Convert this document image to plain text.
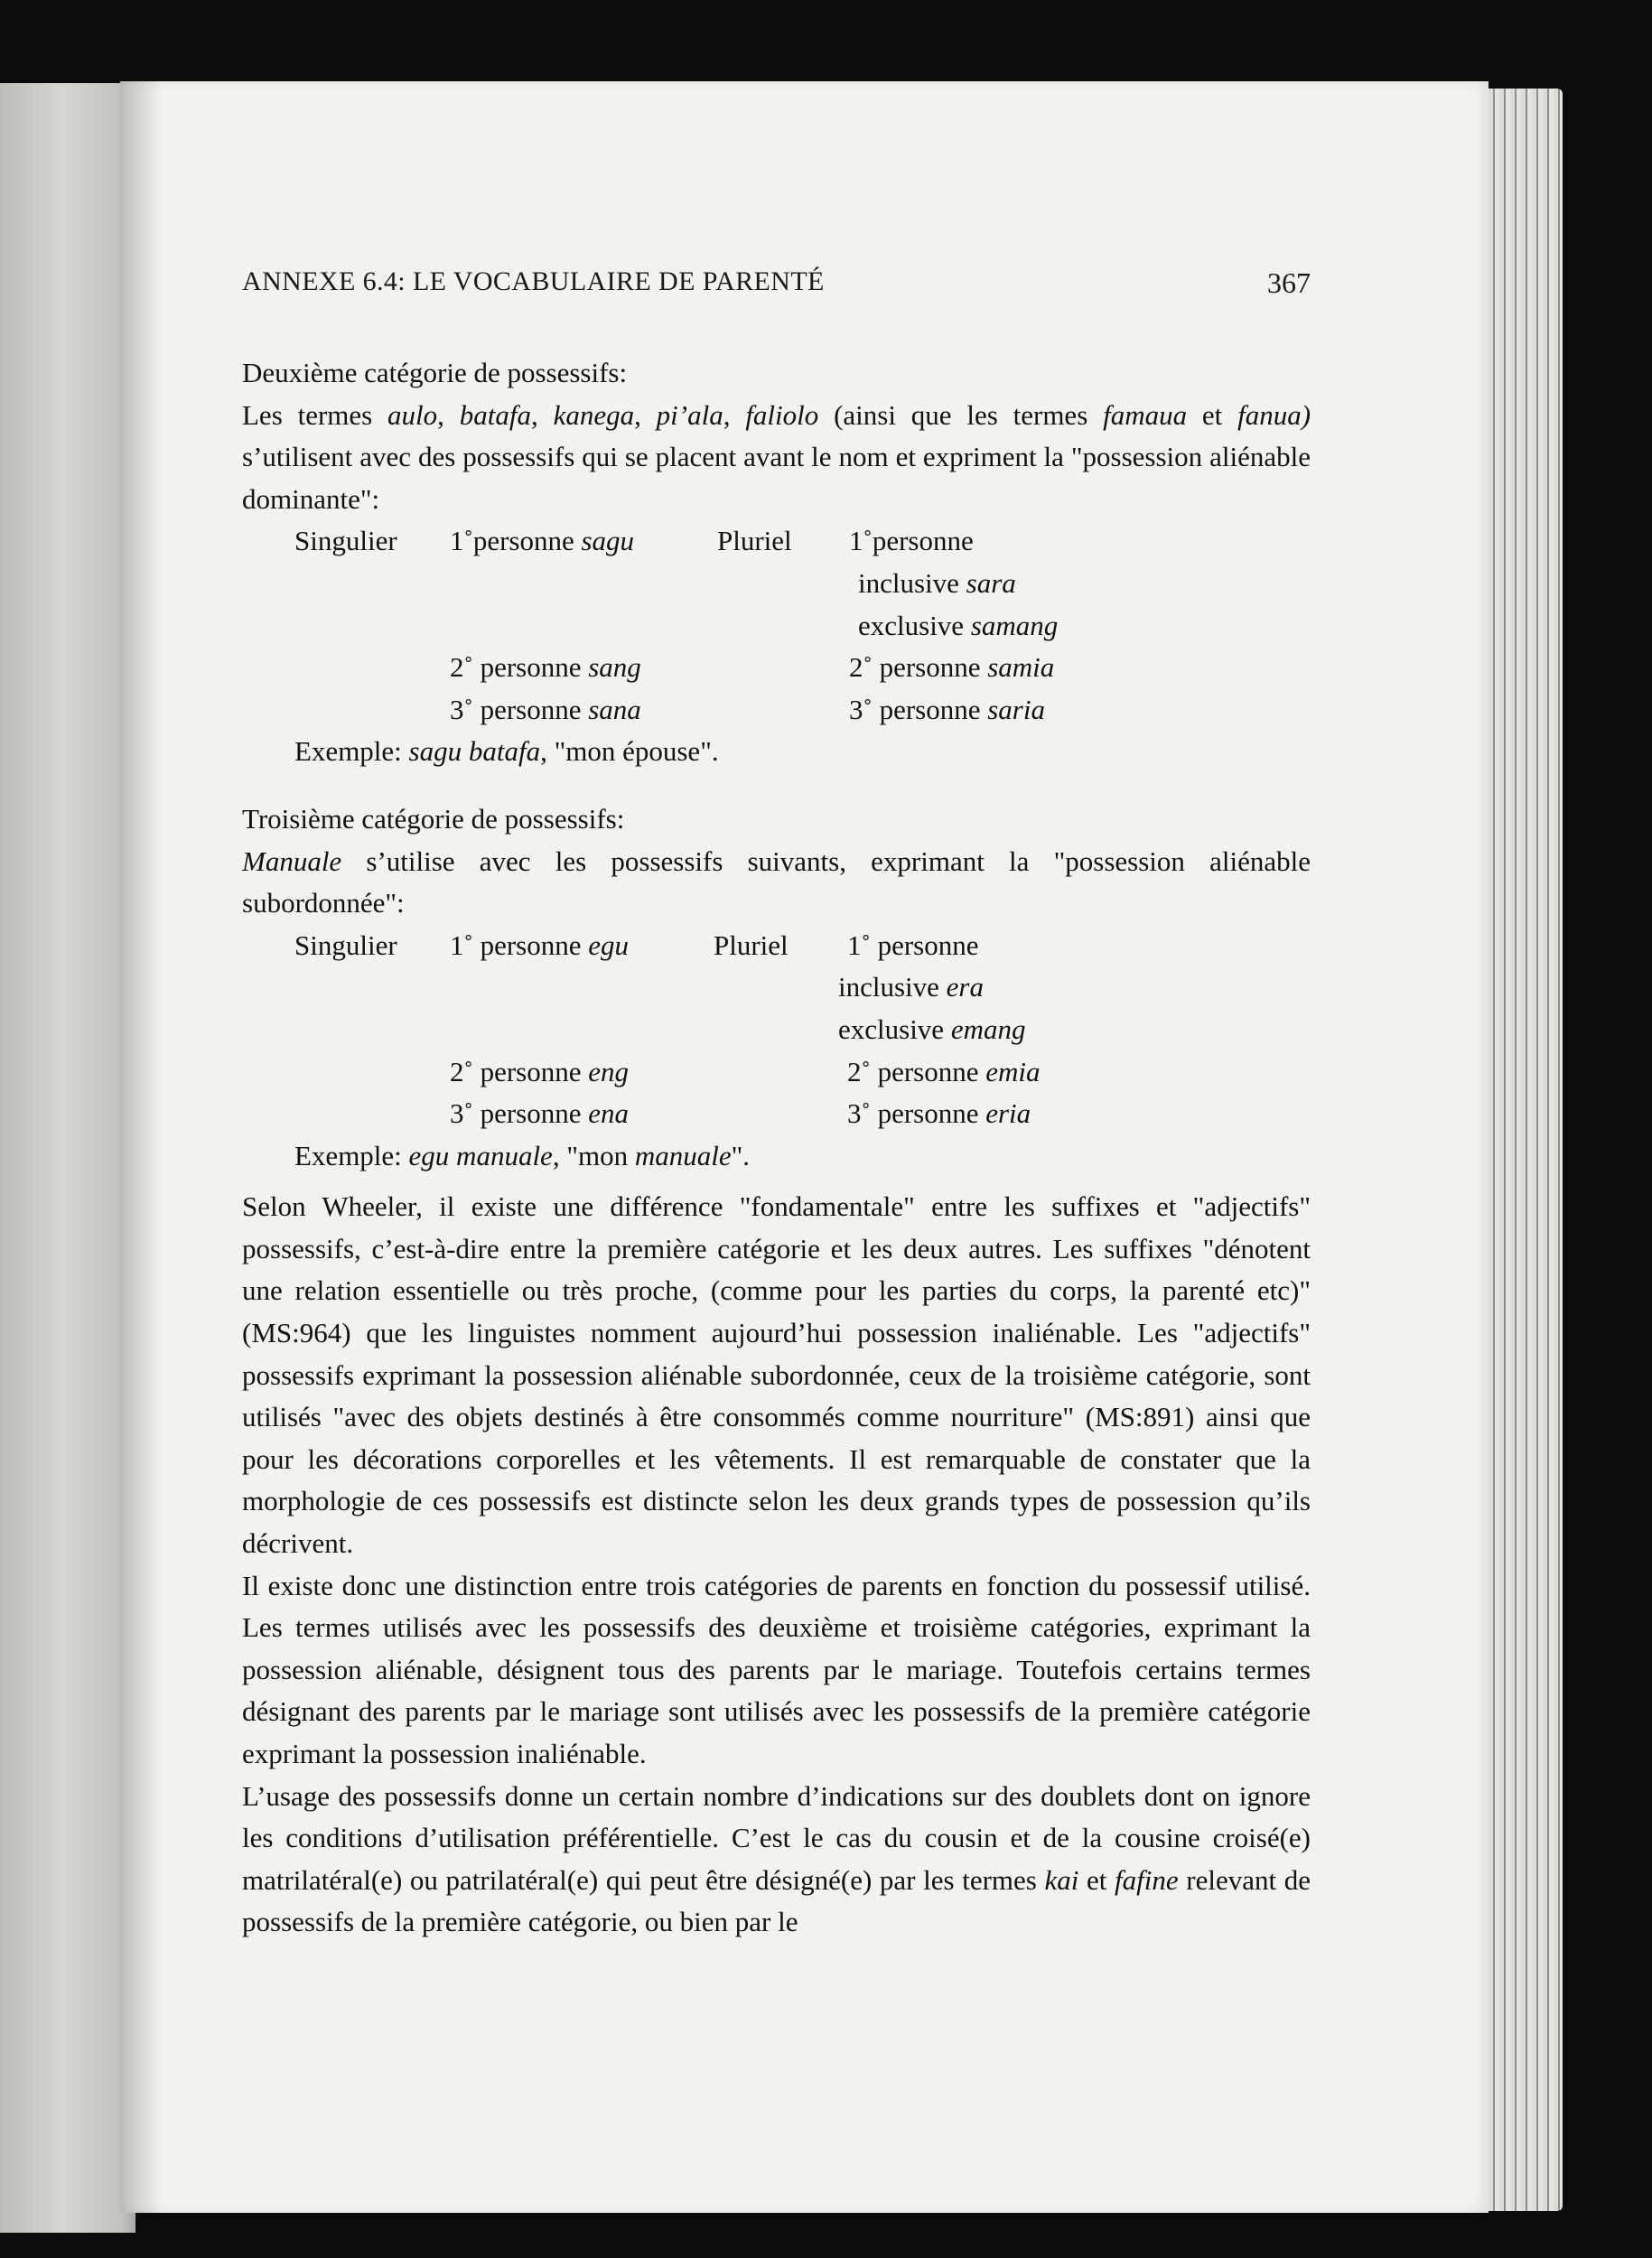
ANNEXE 6.4: LE VOCABULAIRE DE PARENTÉ	367

Deuxième catégorie de possessifs:

Les termes aulo, batafa, kanega, pi’ala, faliolo (ainsi que les termes famaua et fanua) s’utilisent avec des possessifs qui se placent avant le nom et expriment la "possession aliénable dominante":

Singulier 1˚personne sagu	Pluriel 1˚personne
inclusive sara
exclusive samang
2˚ personne sang	2˚ personne samia
3˚ personne sana	3˚ personne saria

Exemple: sagu batafa, "mon épouse".

Troisième catégorie de possessifs:

Manuale s’utilise avec les possessifs suivants, exprimant la "possession aliénable subordonnée":

Singulier 1˚ personne egu	Pluriel 1˚ personne
inclusive era
exclusive emang
2˚ personne eng	2˚ personne emia
3˚ personne ena	3˚ personne eria

Exemple: egu manuale, "mon manuale".

Selon Wheeler, il existe une différence "fondamentale" entre les suffixes et "adjectifs" possessifs, c’est-à-dire entre la première catégorie et les deux autres. Les suffixes "dénotent une relation essentielle ou très proche, (comme pour les parties du corps, la parenté etc)" (MS:964) que les linguistes nomment aujourd’hui possession inaliénable. Les "adjectifs" possessifs exprimant la possession aliénable subordonnée, ceux de la troisième catégorie, sont utilisés "avec des objets destinés à être consommés comme nourriture" (MS:891) ainsi que pour les décorations corporelles et les vêtements. Il est remarquable de constater que la morphologie de ces possessifs est distincte selon les deux grands types de possession qu’ils décrivent.

Il existe donc une distinction entre trois catégories de parents en fonction du possessif utilisé. Les termes utilisés avec les possessifs des deuxième et troisième catégories, exprimant la possession aliénable, désignent tous des parents par le mariage. Toutefois certains termes désignant des parents par le mariage sont utilisés avec les possessifs de la première catégorie exprimant la possession inaliénable.

L’usage des possessifs donne un certain nombre d’indications sur des doublets dont on ignore les conditions d’utilisation préférentielle. C’est le cas du cousin et de la cousine croisé(e) matrilatéral(e) ou patrilatéral(e) qui peut être désigné(e) par les termes kai et fafine relevant de possessifs de la première catégorie, ou bien par le
